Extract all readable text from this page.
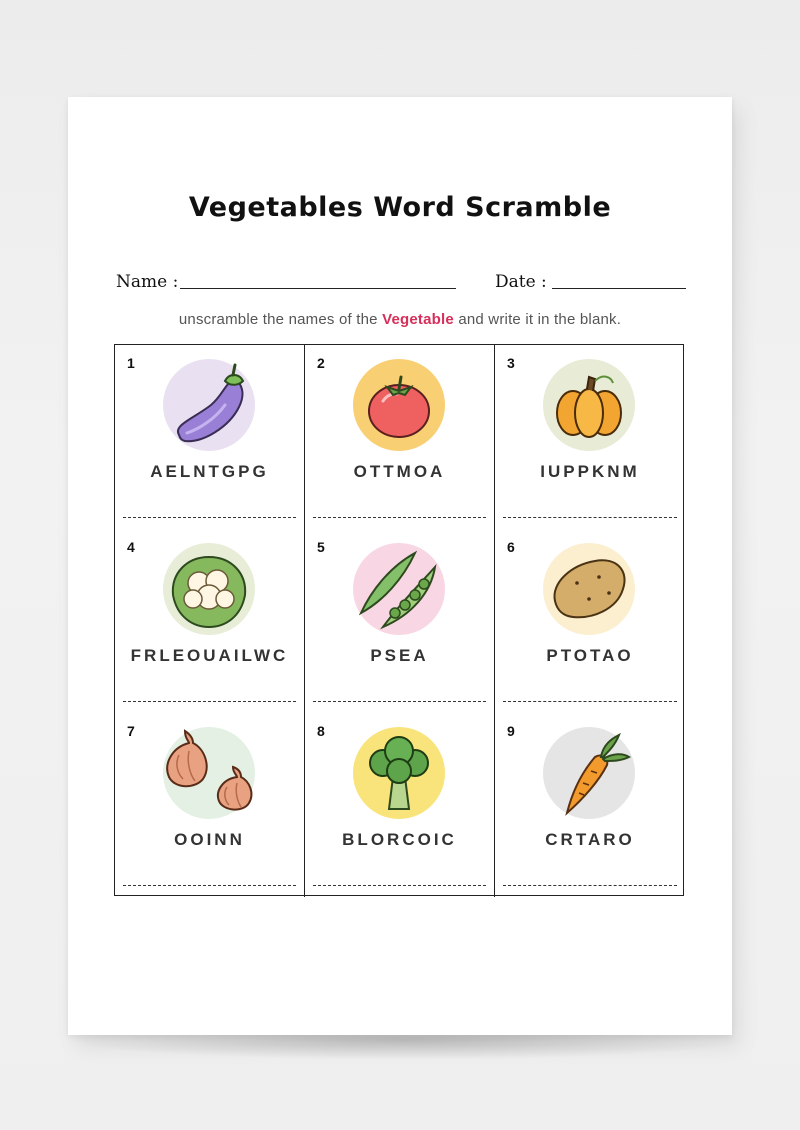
Vegetables Word Scramble
Name :	Date :
unscramble the names of the Vegetable and write it in the blank.
1
AELNTGPG
2
OTTMOA
3
IUPPKNM
4
FRLEOUAILWC
5
PSEA
6
PTOTAO
7
OOINN
8
BLORCOIC
9
CRTARO
